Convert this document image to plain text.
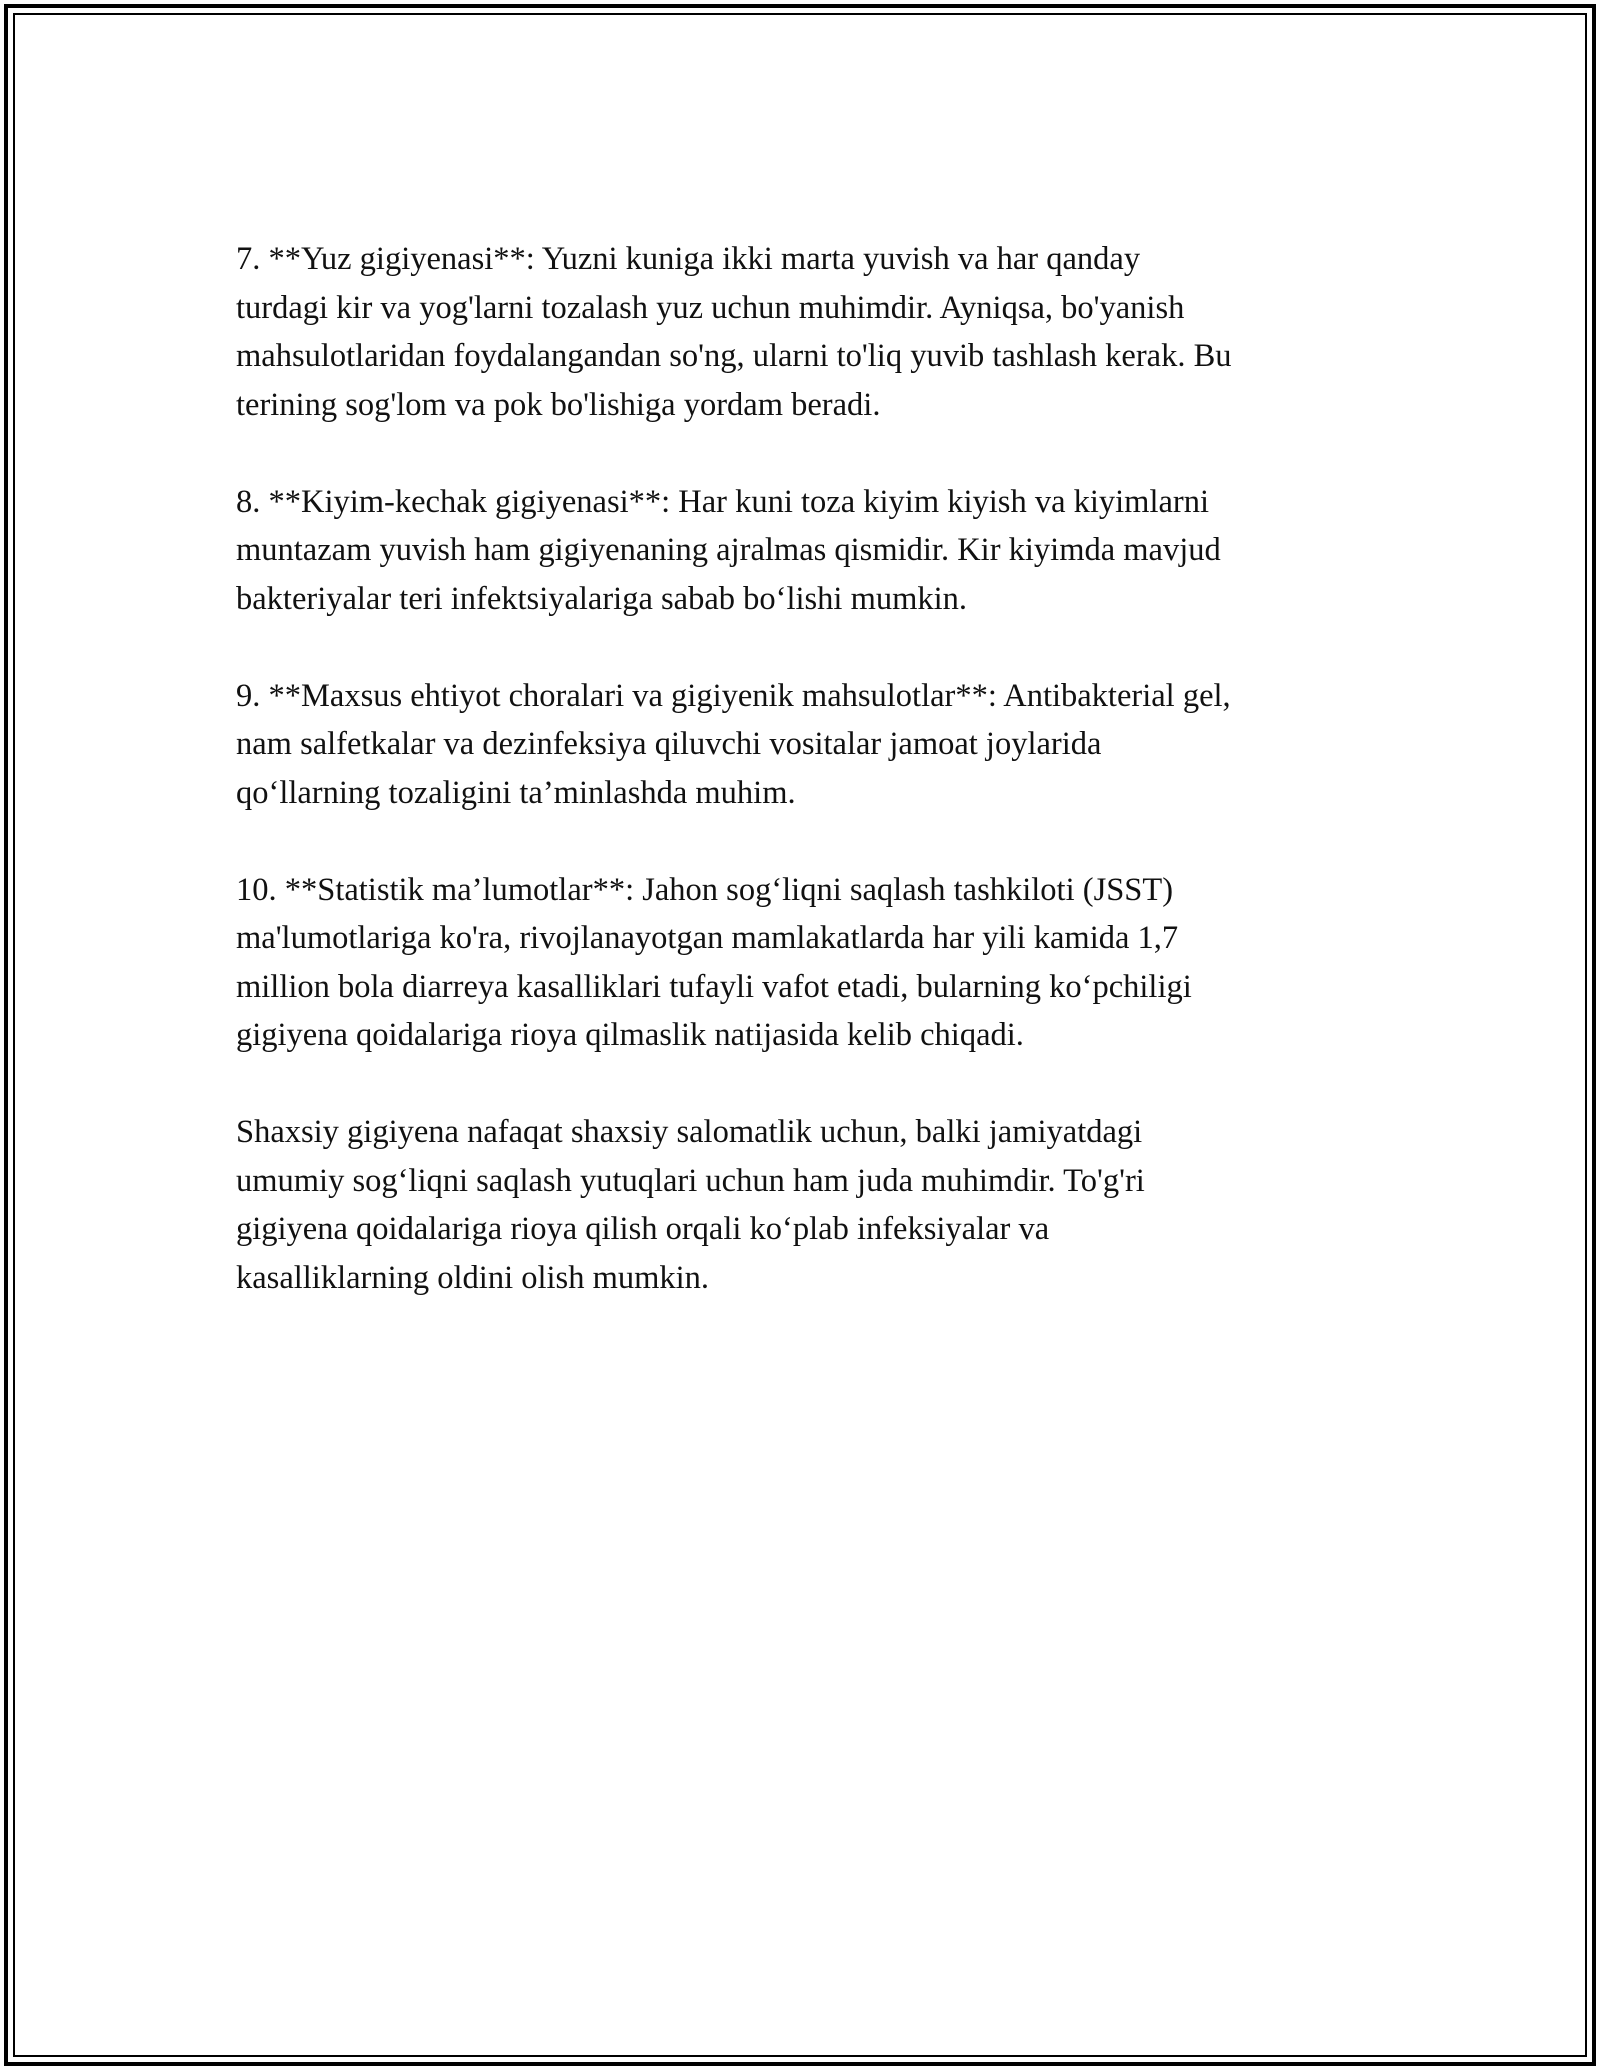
7. **Yuz gigiyenasi**: Yuzni kuniga ikki marta yuvish va har qanday
turdagi kir va yog'larni tozalash yuz uchun muhimdir. Ayniqsa, bo'yanish
mahsulotlaridan foydalangandan so'ng, ularni to'liq yuvib tashlash kerak. Bu
terining sog'lom va pok bo'lishiga yordam beradi.

8. **Kiyim-kechak gigiyenasi**: Har kuni toza kiyim kiyish va kiyimlarni
muntazam yuvish ham gigiyenaning ajralmas qismidir. Kir kiyimda mavjud
bakteriyalar teri infektsiyalariga sabab bo‘lishi mumkin.

9. **Maxsus ehtiyot choralari va gigiyenik mahsulotlar**: Antibakterial gel,
nam salfetkalar va dezinfeksiya qiluvchi vositalar jamoat joylarida
qo‘llarning tozaligini ta’minlashda muhim.

10. **Statistik ma’lumotlar**: Jahon sog‘liqni saqlash tashkiloti (JSST)
ma'lumotlariga ko'ra, rivojlanayotgan mamlakatlarda har yili kamida 1,7
million bola diarreya kasalliklari tufayli vafot etadi, bularning ko‘pchiligi
gigiyena qoidalariga rioya qilmaslik natijasida kelib chiqadi.

Shaxsiy gigiyena nafaqat shaxsiy salomatlik uchun, balki jamiyatdagi
umumiy sog‘liqni saqlash yutuqlari uchun ham juda muhimdir. To'g'ri
gigiyena qoidalariga rioya qilish orqali ko‘plab infeksiyalar va
kasalliklarning oldini olish mumkin.
